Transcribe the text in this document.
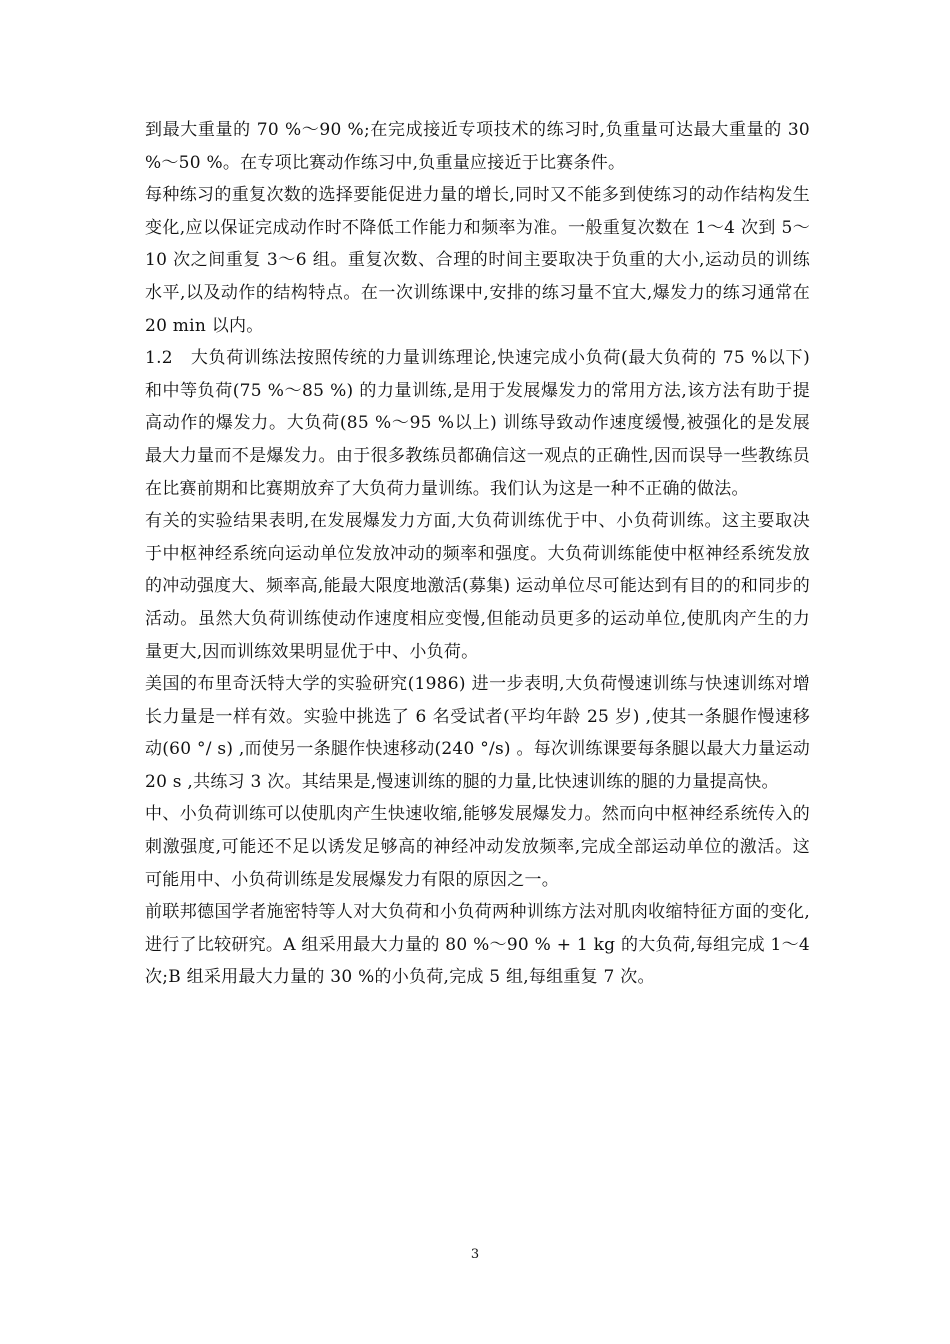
到最大重量的 70 %～90 %;在完成接近专项技术的练习时,负重量可达最大重量的 30 %～50 %。在专项比赛动作练习中,负重量应接近于比赛条件。

每种练习的重复次数的选择要能促进力量的增长,同时又不能多到使练习的动作结构发生变化,应以保证完成动作时不降低工作能力和频率为准。一般重复次数在 1～4 次到 5～10 次之间重复 3～6 组。重复次数、合理的时间主要取决于负重的大小,运动员的训练水平,以及动作的结构特点。在一次训练课中,安排的练习量不宜大,爆发力的练习通常在 20 min 以内。

1.2　大负荷训练法按照传统的力量训练理论,快速完成小负荷(最大负荷的 75 %以下) 和中等负荷(75 %～85 %) 的力量训练,是用于发展爆发力的常用方法,该方法有助于提高动作的爆发力。大负荷(85 %～95 %以上) 训练导致动作速度缓慢,被强化的是发展最大力量而不是爆发力。由于很多教练员都确信这一观点的正确性,因而误导一些教练员在比赛前期和比赛期放弃了大负荷力量训练。我们认为这是一种不正确的做法。

有关的实验结果表明,在发展爆发力方面,大负荷训练优于中、小负荷训练。这主要取决于中枢神经系统向运动单位发放冲动的频率和强度。大负荷训练能使中枢神经系统发放的冲动强度大、频率高,能最大限度地激活(募集) 运动单位尽可能达到有目的的和同步的活动。虽然大负荷训练使动作速度相应变慢,但能动员更多的运动单位,使肌肉产生的力量更大,因而训练效果明显优于中、小负荷。

美国的布里奇沃特大学的实验研究(1986) 进一步表明,大负荷慢速训练与快速训练对增长力量是一样有效。实验中挑选了 6 名受试者(平均年龄 25 岁) ,使其一条腿作慢速移动(60 °/ s) ,而使另一条腿作快速移动(240 °/s) 。每次训练课要每条腿以最大力量运动 20 s ,共练习 3 次。其结果是,慢速训练的腿的力量,比快速训练的腿的力量提高快。

中、小负荷训练可以使肌肉产生快速收缩,能够发展爆发力。然而向中枢神经系统传入的刺激强度,可能还不足以诱发足够高的神经冲动发放频率,完成全部运动单位的激活。这可能用中、小负荷训练是发展爆发力有限的原因之一。

前联邦德国学者施密特等人对大负荷和小负荷两种训练方法对肌肉收缩特征方面的变化,进行了比较研究。A 组采用最大力量的 80 %～90 % + 1 kg 的大负荷,每组完成 1～4 次;B 组采用最大力量的 30 %的小负荷,完成 5 组,每组重复 7 次。

3
